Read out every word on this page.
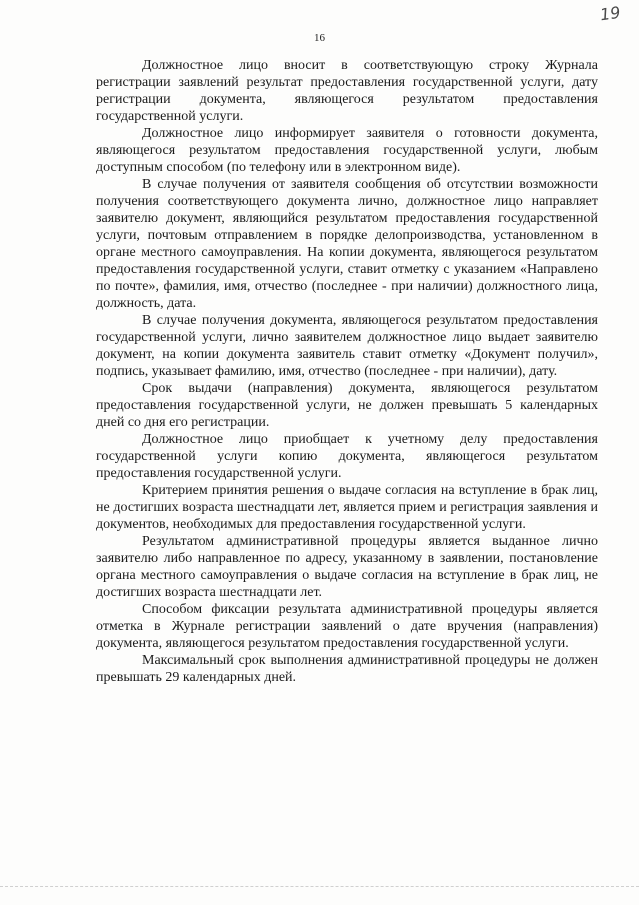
19
16

Должностное лицо вносит в соответствующую строку Журнала регистрации заявлений результат предоставления государственной услуги, дату регистрации документа, являющегося результатом предоставления государственной услуги.

Должностное лицо информирует заявителя о готовности документа, являющегося результатом предоставления государственной услуги, любым доступным способом (по телефону или в электронном виде).

В случае получения от заявителя сообщения об отсутствии возможности получения соответствующего документа лично, должностное лицо направляет заявителю документ, являющийся результатом предоставления государственной услуги, почтовым отправлением в порядке делопроизводства, установленном в органе местного самоуправления. На копии документа, являющегося результатом предоставления государственной услуги, ставит отметку с указанием «Направлено по почте», фамилия, имя, отчество (последнее - при наличии) должностного лица, должность, дата.

В случае получения документа, являющегося результатом предоставления государственной услуги, лично заявителем должностное лицо выдает заявителю документ, на копии документа заявитель ставит отметку «Документ получил», подпись, указывает фамилию, имя, отчество (последнее - при наличии), дату.

Срок выдачи (направления) документа, являющегося результатом предоставления государственной услуги, не должен превышать 5 календарных дней со дня его регистрации.

Должностное лицо приобщает к учетному делу предоставления государственной услуги копию документа, являющегося результатом предоставления государственной услуги.

Критерием принятия решения о выдаче согласия на вступление в брак лиц, не достигших возраста шестнадцати лет, является прием и регистрация заявления и документов, необходимых для предоставления государственной услуги.

Результатом административной процедуры является выданное лично заявителю либо направленное по адресу, указанному в заявлении, постановление органа местного самоуправления о выдаче согласия на вступление в брак лиц, не достигших возраста шестнадцати лет.

Способом фиксации результата административной процедуры является отметка в Журнале регистрации заявлений о дате вручения (направления) документа, являющегося результатом предоставления государственной услуги.

Максимальный срок выполнения административной процедуры не должен превышать 29 календарных дней.
